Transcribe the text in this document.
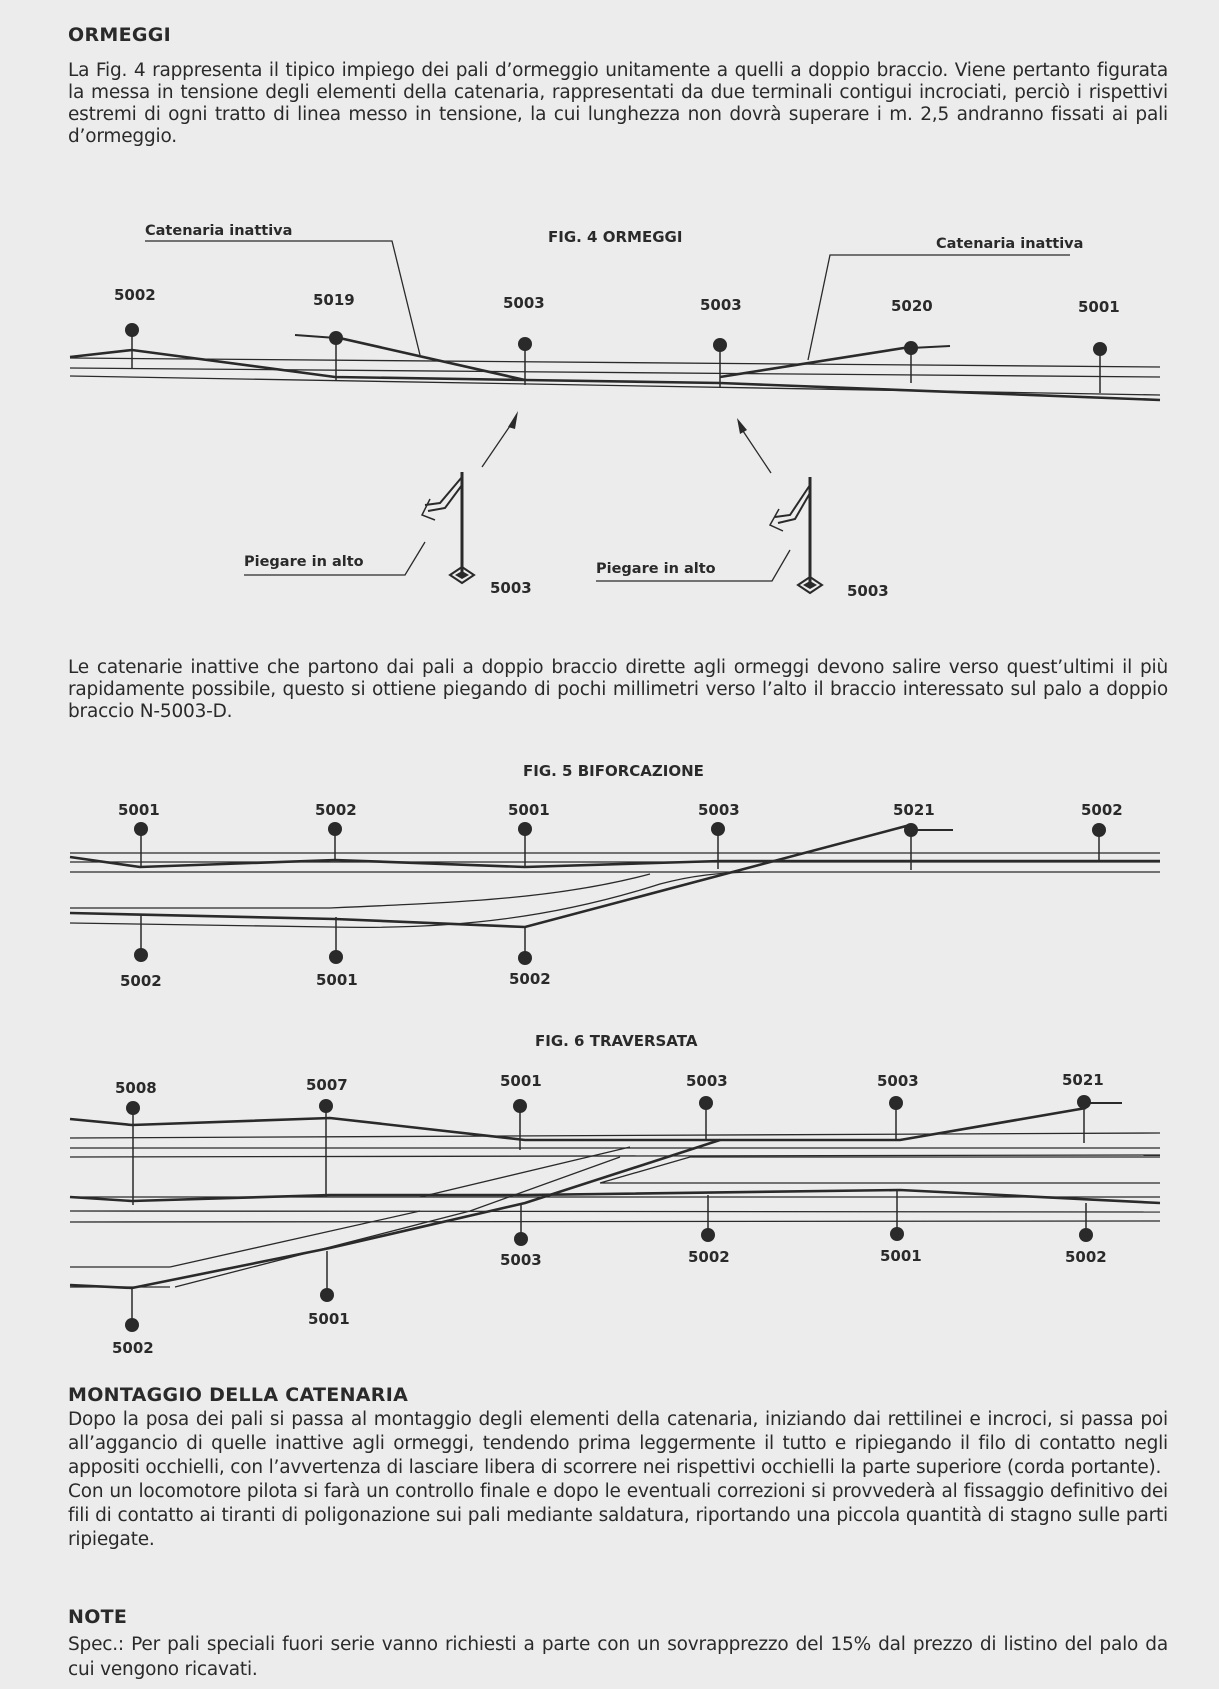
ORMEGGI
La Fig. 4 rappresenta il tipico impiego dei pali d’ormeggio unitamente a quelli a doppio braccio. Viene pertanto figurata la messa in tensione degli elementi della catenaria, rappresentati da due terminali contigui incrociati, perciò i rispettivi estremi di ogni tratto di linea messo in tensione, la cui lunghezza non dovrà superare i m. 2,5 andranno fissati ai pali d’ormeggio.
FIG. 4 ORMEGGI
Catenaria inattiva
Catenaria inattiva
5002	5019	5003	5003	5020	5001
Piegare in alto	Piegare in alto
5003	5003
Le catenarie inattive che partono dai pali a doppio braccio dirette agli ormeggi devono salire verso quest’ultimi il più rapidamente possibile, questo si ottiene piegando di pochi millimetri verso l’alto il braccio interessato sul palo a doppio braccio N-5003-D.
FIG. 5 BIFORCAZIONE
5001	5002	5001	5003	5021	5002
5002	5001	5002
FIG. 6 TRAVERSATA
5008	5007	5001	5003	5003	5021
5003	5002	5001	5002
5001
5002
MONTAGGIO DELLA CATENARIA
Dopo la posa dei pali si passa al montaggio degli elementi della catenaria, iniziando dai rettilinei e incroci, si passa poi all’aggancio di quelle inattive agli ormeggi, tendendo prima leggermente il tutto e ripiegando il filo di contatto negli appositi occhielli, con l’avvertenza di lasciare libera di scorrere nei rispettivi occhielli la parte superiore (corda portante).
Con un locomotore pilota si farà un controllo finale e dopo le eventuali correzioni si provvederà al fissaggio definitivo dei fili di contatto ai tiranti di poligonazione sui pali mediante saldatura, riportando una piccola quantità di stagno sulle parti ripiegate.
NOTE
Spec.: Per pali speciali fuori serie vanno richiesti a parte con un sovrapprezzo del 15% dal prezzo di listino del palo da cui vengono ricavati.
